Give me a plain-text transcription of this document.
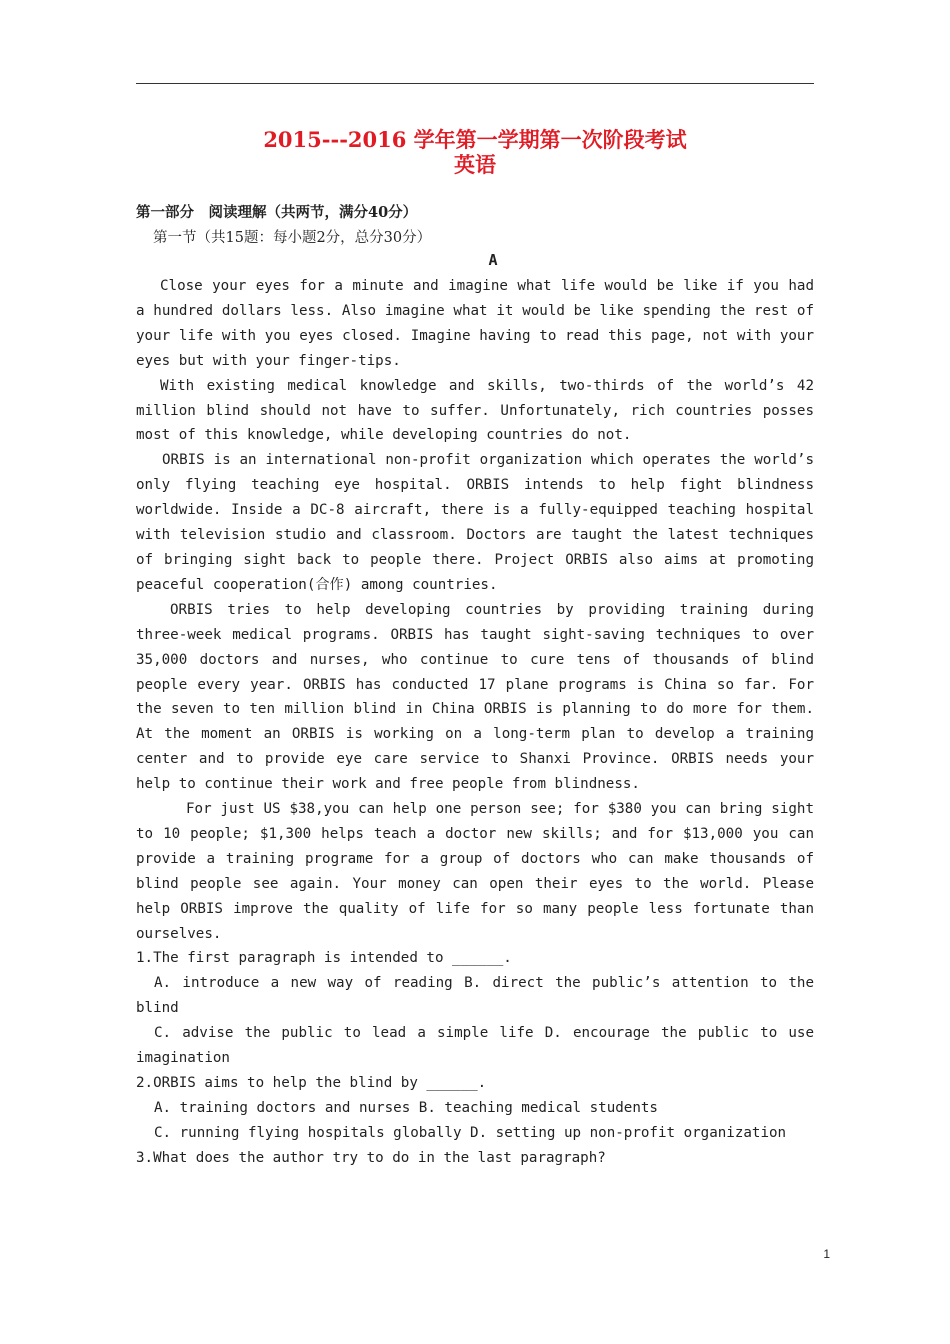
2015---2016 学年第一学期第一次阶段考试
英语
第一部分　阅读理解（共两节，满分40分）
第一节（共15题：每小题2分，总分30分）
A

Close your eyes for a minute and imagine what life would be like if you had a hundred dollars less. Also imagine what it would be like spending the rest of your life with you eyes closed. Imagine having to read this page, not with your eyes but with your finger-tips.

With existing medical knowledge and skills, two-thirds of the world’s 42 million blind should not have to suffer. Unfortunately, rich countries posses most of this knowledge, while developing countries do not.

ORBIS is an international non-profit organization which operates the world’s only flying teaching eye hospital. ORBIS intends to help fight blindness worldwide. Inside a DC-8 aircraft, there is a fully-equipped teaching hospital with television studio and classroom. Doctors are taught the latest techniques of bringing sight back to people there. Project ORBIS also aims at promoting peaceful cooperation(合作) among countries.

ORBIS tries to help developing countries by providing training during three-week medical programs. ORBIS has taught sight-saving techniques to over 35,000 doctors and nurses, who continue to cure tens of thousands of blind people every year. ORBIS has conducted 17 plane programs is China so far. For the seven to ten million blind in China ORBIS is planning to do more for them. At the moment an ORBIS is working on a long-term plan to develop a training center and to provide eye care service to Shanxi Province. ORBIS needs your help to continue their work and free people from blindness.

For just US $38,you can help one person see; for $380 you can bring sight to 10 people; $1,300 helps teach a doctor new skills; and for $13,000 you can provide a training programe for a group of doctors who can make thousands of blind people see again. Your money can open their eyes to the world. Please help ORBIS improve the quality of life for so many people less fortunate than ourselves.

1.The first paragraph is intended to ______.

A. introduce a new way of reading B. direct the public’s attention to the blind

C. advise the public to lead a simple life D. encourage the public to use imagination

2.ORBIS aims to help the blind by ______.

A. training doctors and nurses B. teaching medical students

C. running flying hospitals globally D. setting up non-profit organization

3.What does the author try to do in the last paragraph?

1
